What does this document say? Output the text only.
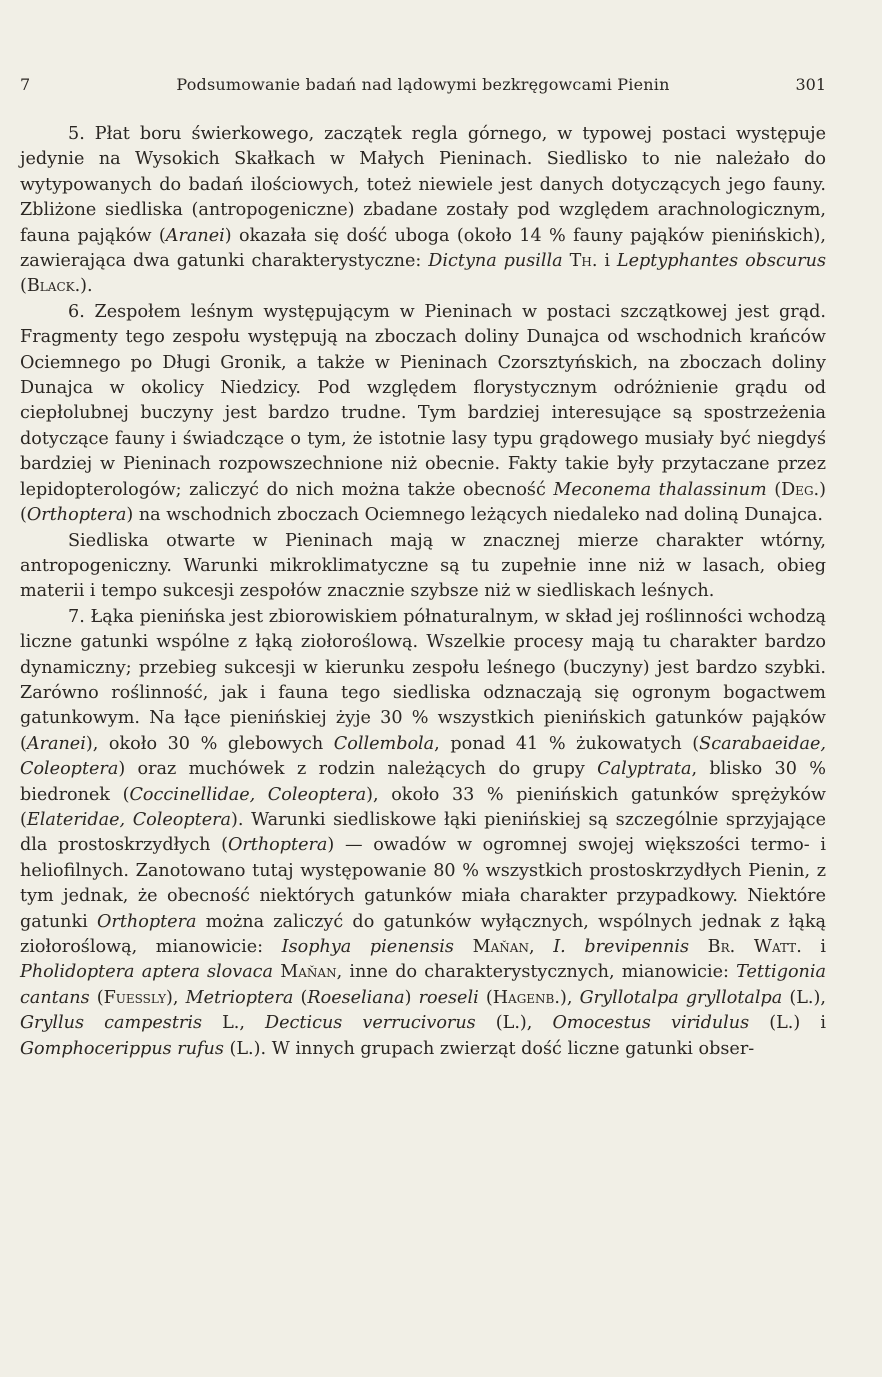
7	Podsumowanie badań nad lądowymi bezkręgowcami Pienin	301

5. Płat boru świerkowego, zaczątek regla górnego, w typowej postaci występuje jedynie na Wysokich Skałkach w Małych Pieninach. Siedlisko to nie należało do wytypowanych do badań ilościowych, toteż niewiele jest danych dotyczących jego fauny. Zbliżone siedliska (antropogeniczne) zbadane zostały pod względem arachnologicznym, fauna pająków (Aranei) okazała się dość uboga (około 14 % fauny pająków pienińskich), zawierająca dwa gatunki charakterystyczne: Dictyna pusilla Th. i Leptyphantes obscurus (Black.).

6. Zespołem leśnym występującym w Pieninach w postaci szczątkowej jest grąd. Fragmenty tego zespołu występują na zboczach doliny Dunajca od wschodnich krańców Ociemnego po Długi Gronik, a także w Pieninach Czorsztyńskich, na zboczach doliny Dunajca w okolicy Niedzicy. Pod względem florystycznym odróżnienie grądu od ciepłolubnej buczyny jest bardzo trudne. Tym bardziej interesujące są spostrzeżenia dotyczące fauny i świadczące o tym, że istotnie lasy typu grądowego musiały być niegdyś bardziej w Pieninach rozpowszechnione niż obecnie. Fakty takie były przytaczane przez lepidopterologów; zaliczyć do nich można także obecność Meconema thalassinum (Deg.) (Orthoptera) na wschodnich zboczach Ociemnego leżących niedaleko nad doliną Dunajca.

Siedliska otwarte w Pieninach mają w znacznej mierze charakter wtórny, antropogeniczny. Warunki mikroklimatyczne są tu zupełnie inne niż w lasach, obieg materii i tempo sukcesji zespołów znacznie szybsze niż w siedliskach leśnych.

7. Łąka pienińska jest zbiorowiskiem półnaturalnym, w skład jej roślinności wchodzą liczne gatunki wspólne z łąką ziołoroślową. Wszelkie procesy mają tu charakter bardzo dynamiczny; przebieg sukcesji w kierunku zespołu leśnego (buczyny) jest bardzo szybki. Zarówno roślinność, jak i fauna tego siedliska odznaczają się ogronym bogactwem gatunkowym. Na łące pienińskiej żyje 30 % wszystkich pienińskich gatunków pająków (Aranei), około 30 % glebowych Collembola, ponad 41 % żukowatych (Scarabaeidae, Coleoptera) oraz muchówek z rodzin należących do grupy Calyptrata, blisko 30 % biedronek (Coccinellidae, Coleoptera), około 33 % pienińskich gatunków sprężyków (Elateridae, Coleoptera). Warunki siedliskowe łąki pienińskiej są szczególnie sprzyjające dla prostoskrzydłych (Orthoptera) — owadów w ogromnej swojej większości termo- i heliofilnych. Zanotowano tutaj występowanie 80 % wszystkich prostoskrzydłych Pienin, z tym jednak, że obecność niektórych gatunków miała charakter przypadkowy. Niektóre gatunki Orthoptera można zaliczyć do gatunków wyłącznych, wspólnych jednak z łąką ziołoroślową, mianowicie: Isophya pienensis Maňan, I. brevipennis Br. Watt. i Pholidoptera aptera slovaca Maňan, inne do charakterystycznych, mianowicie: Tettigonia cantans (Fuessly), Metrioptera (Roeseliana) roeseli (Hagenb.), Gryllotalpa gryllotalpa (L.), Gryllus campestris L., Decticus verrucivorus (L.), Omocestus viridulus (L.) i Gomphocerippus rufus (L.). W innych grupach zwierząt dość liczne gatunki obser-
